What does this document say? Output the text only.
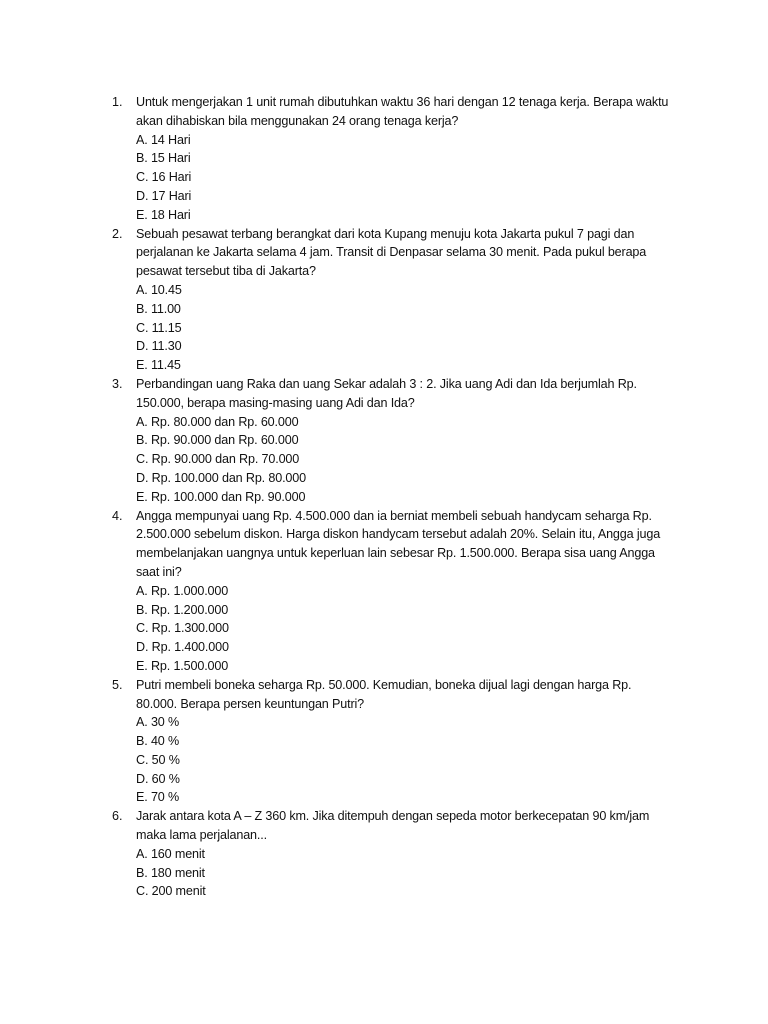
1.	Untuk mengerjakan 1 unit rumah dibutuhkan waktu 36 hari dengan 12 tenaga kerja. Berapa waktu akan dihabiskan bila menggunakan 24 orang tenaga kerja?

A. 14 Hari
B. 15 Hari
C. 16 Hari
D. 17 Hari
E. 18 Hari
2.	Sebuah pesawat terbang berangkat dari kota Kupang menuju kota Jakarta pukul 7 pagi dan perjalanan ke Jakarta selama 4 jam. Transit di Denpasar selama 30 menit. Pada pukul berapa pesawat tersebut tiba di Jakarta?

A. 10.45
B. 11.00
C. 11.15
D. 11.30
E. 11.45
3.	Perbandingan uang Raka dan uang Sekar adalah 3 : 2. Jika uang Adi dan Ida berjumlah Rp. 150.000, berapa masing-masing uang Adi dan Ida?

A. Rp. 80.000 dan Rp. 60.000
B. Rp. 90.000 dan Rp. 60.000
C. Rp. 90.000 dan Rp. 70.000
D. Rp. 100.000 dan Rp. 80.000
E. Rp. 100.000 dan Rp. 90.000
4.	Angga mempunyai uang Rp. 4.500.000 dan ia berniat membeli sebuah handycam seharga Rp. 2.500.000 sebelum diskon. Harga diskon handycam tersebut adalah 20%. Selain itu, Angga juga membelanjakan uangnya untuk keperluan lain sebesar Rp. 1.500.000. Berapa sisa uang Angga saat ini?

A. Rp. 1.000.000
B. Rp. 1.200.000
C. Rp. 1.300.000
D. Rp. 1.400.000
E. Rp. 1.500.000
5.	Putri membeli boneka seharga Rp. 50.000. Kemudian, boneka dijual lagi dengan harga Rp. 80.000. Berapa persen keuntungan Putri?

A. 30 %
B. 40 %
C. 50 %
D. 60 %
E. 70 %
6.	Jarak antara kota A – Z 360 km. Jika ditempuh dengan sepeda motor berkecepatan 90 km/jam maka lama perjalanan...

A. 160 menit
B. 180 menit
C. 200 menit
